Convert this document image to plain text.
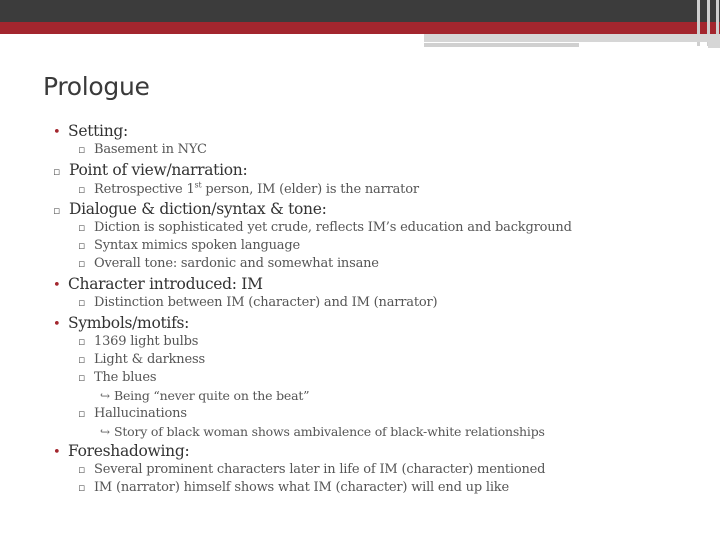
Prologue
• Setting:
▫ Basement in NYC
▫ Point of view/narration:
▫ Retrospective 1st person, IM (elder) is the narrator
▫ Dialogue & diction/syntax & tone:
▫ Diction is sophisticated yet crude, reflects IM’s education and background
▫ Syntax mimics spoken language
▫ Overall tone: sardonic and somewhat insane
• Character introduced: IM
▫ Distinction between IM (character) and IM (narrator)
• Symbols/motifs:
▫ 1369 light bulbs
▫ Light & darkness
▫ The blues
↪ Being “never quite on the beat”
▫ Hallucinations
↪ Story of black woman shows ambivalence of black-white relationships
• Foreshadowing:
▫ Several prominent characters later in life of IM (character) mentioned
▫ IM (narrator) himself shows what IM (character) will end up like
